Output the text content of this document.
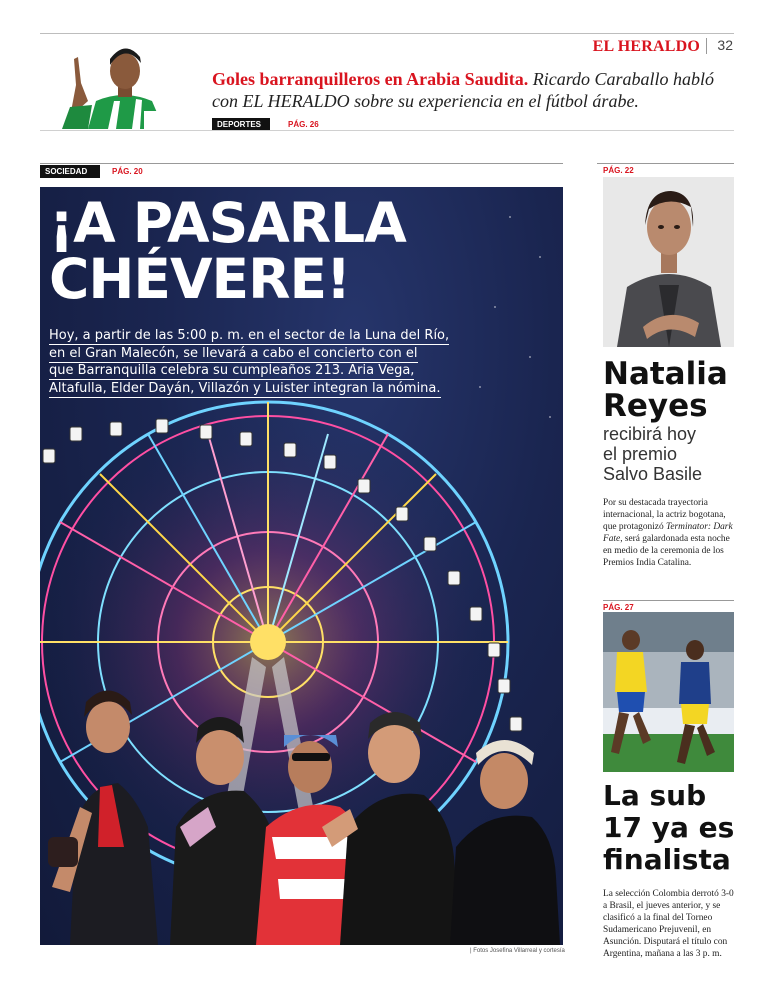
EL HERALDO 32
Goles barranquilleros en Arabia Saudita. Ricardo Caraballo habló con EL HERALDO sobre su experiencia en el fútbol árabe.
DEPORTES	PÁG. 26
SOCIEDAD	PÁG. 20
¡A PASARLA
CHÉVERE!
Hoy, a partir de las 5:00 p. m. en el sector de la Luna del Río,
en el Gran Malecón, se llevará a cabo el concierto con el
que Barranquilla celebra su cumpleaños 213. Aria Vega,
Altafulla, Elder Dayán, Villazón y Luister integran la nómina.
| Fotos Josefina Villarreal y cortesía
PÁG. 22
Natalia
Reyes
recibirá hoy
el premio
Salvo Basile
Por su destacada trayectoria internacional, la actriz bogotana, que protagonizó Terminator: Dark Fate, será galardonada esta noche en medio de la ceremonia de los Premios India Catalina.
PÁG. 27
La sub
17 ya es
finalista
La selección Colombia derrotó 3-0 a Brasil, el jueves anterior, y se clasificó a la final del Torneo Sudamericano Prejuvenil, en Asunción. Disputará el título con Argentina, mañana a las 3 p. m.
